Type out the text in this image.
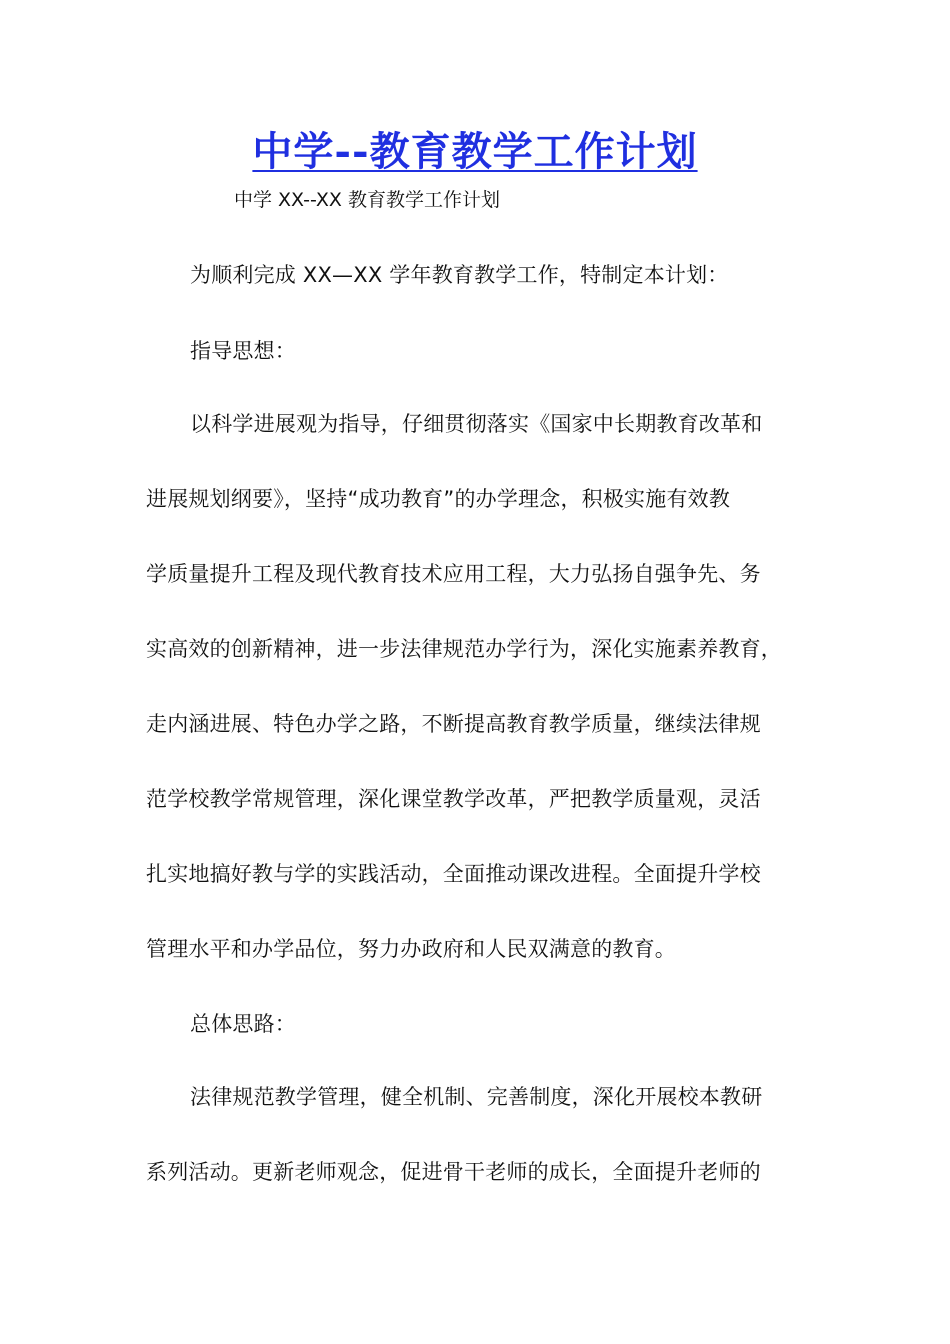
中学--教育教学工作计划
中学 XX--XX 教育教学工作计划
为顺利完成 XX—XX 学年教育教学工作，特制定本计划：
指导思想：
以科学进展观为指导，仔细贯彻落实《国家中长期教育改革和
进展规划纲要》，坚持“成功教育”的办学理念，积极实施有效教
学质量提升工程及现代教育技术应用工程，大力弘扬自强争先、务
实高效的创新精神，进一步法律规范办学行为，深化实施素养教育，
走内涵进展、特色办学之路，不断提高教育教学质量，继续法律规
范学校教学常规管理，深化课堂教学改革，严把教学质量观，灵活
扎实地搞好教与学的实践活动，全面推动课改进程。全面提升学校
管理水平和办学品位，努力办政府和人民双满意的教育。
总体思路：
法律规范教学管理，健全机制、完善制度，深化开展校本教研
系列活动。更新老师观念，促进骨干老师的成长，全面提升老师的
